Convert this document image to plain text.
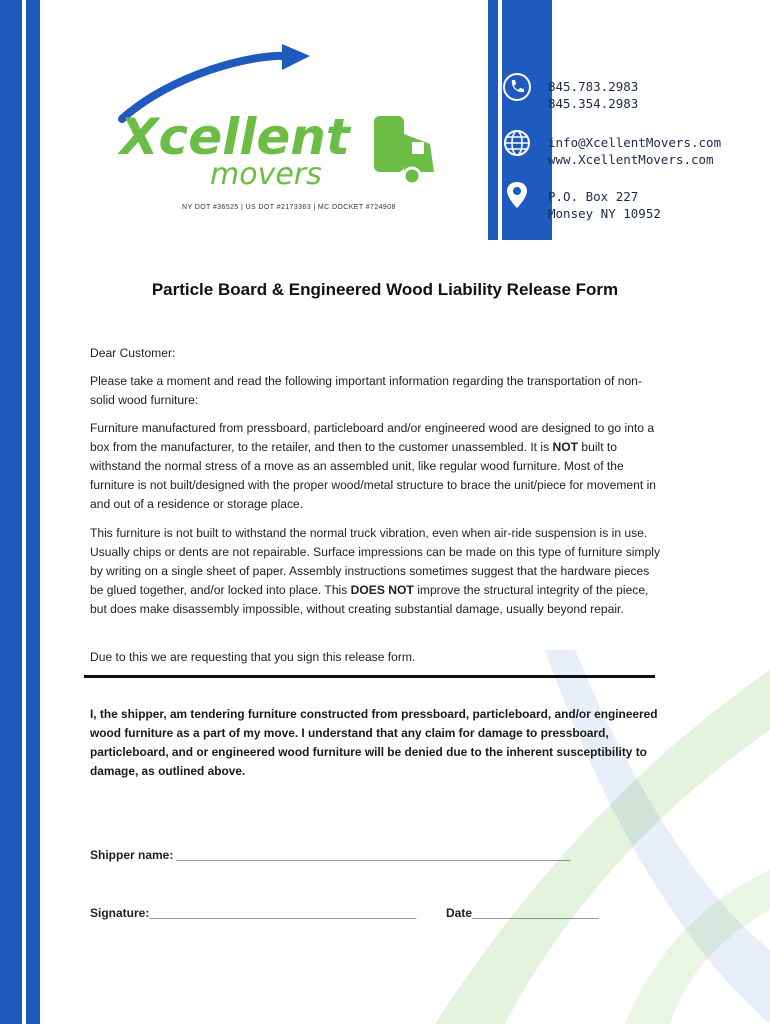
Xcellent
movers
NY DOT #36525 | US DOT #2173363 | MC DOCKET #724908
845.783.2983
845.354.2983
info@XcellentMovers.com
www.XcellentMovers.com
P.O. Box 227
Monsey NY 10952
Particle Board & Engineered Wood Liability Release Form

Dear Customer:

Please take a moment and read the following important information regarding the transportation of non-solid wood furniture:

Furniture manufactured from pressboard, particleboard and/or engineered wood are designed to go into a box from the manufacturer, to the retailer, and then to the customer unassembled. It is NOT built to withstand the normal stress of a move as an assembled unit, like regular wood furniture. Most of the furniture is not built/designed with the proper wood/metal structure to brace the unit/piece for movement in and out of a residence or storage place.

This furniture is not built to withstand the normal truck vibration, even when air-ride suspension is in use. Usually chips or dents are not repairable. Surface impressions can be made on this type of furniture simply by writing on a single sheet of paper. Assembly instructions sometimes suggest that the hardware pieces be glued together, and/or locked into place. This DOES NOT improve the structural integrity of the piece, but does make disassembly impossible, without creating substantial damage, usually beyond repair.

Due to this we are requesting that you sign this release form.

I, the shipper, am tendering furniture constructed from pressboard, particleboard, and/or engineered wood furniture as a part of my move. I understand that any claim for damage to pressboard, particleboard, and or engineered wood furniture will be denied due to the inherent susceptibility to damage, as outlined above.

Shipper name: ___________________________________________________________
Signature:________________________________________ Date___________________
